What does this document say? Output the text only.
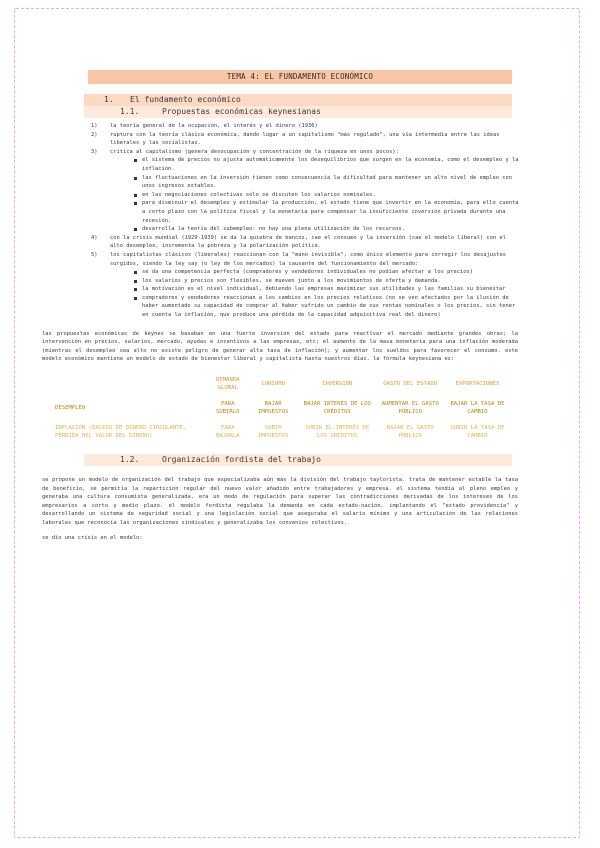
TEMA 4: EL FUNDAMENTO ECONÓMICO
1. El fundamento económico
1.1.	Propuestas económicas keynesianas
1) la teoría general de la ocupación, el interés y el dinero (1936)
2) ruptura con la teoría clásica económica, dando lugar a un capitalismo "más regulado", una vía intermedia entre las ideas liberales y las socialistas.
3) crítica al capitalismo (genera desocupación y concentración de la riqueza en unos pocos):
el sistema de precios no ajusta automáticamente los desequilibrios que surgen en la economía, como el desempleo y la inflación.
las fluctuaciones en la inversión tienen como consecuencia la dificultad para mantener un alto nivel de empleo con unos ingresos estables.
en las negociaciones colectivas sólo se discuten los salarios nominales.
para disminuir el desempleo y estimular la producción, el estado tiene que invertir en la economía, para ello cuenta a corto plazo con la política fiscal y la monetaria para compensar la insuficiente inversión privada durante una recesión.
desarrolla la teoría del subempleo: no hay una plena utilización de los recursos.
4) con la crisis mundial (1929-1939) se da la quiebra de bancos, cae el consumo y la inversión (cae el modelo liberal) con el alto desempleo, incrementa la pobreza y la polarización política.
5) los capitalistas clásicos (liberales) reaccionan con la "mano invisible", como único elemento para corregir los desajustes surgidos, siendo la ley say (o ley de los mercados) la causante del funcionamiento del mercado:
se da una competencia perfecta (compradores y vendedores individuales no podían afectar a los precios)
los salarios y precios son flexibles, se mueven junto a los movimientos de oferta y demanda.
la motivación es el nivel individual, debiendo las empresas maximizar sus utilidades y las familias su bienestar
compradores y vendedores reaccionan a los cambios en los precios relativos (no se ven afectados por la ilusión de haber aumentado su capacidad de comprar al haber sufrido un cambio de sus rentas nominales o los precios, sin tener en cuenta la inflación, que produce una pérdida de la capacidad adquisitiva real del dinero)

las propuestas económicas de keynes se basaban en una fuerte inversión del estado para reactivar el mercado mediante grandes obras; la intervención en precios, salarios, mercado, ayudas e incentivos a las empresas, etc; el aumento de la masa monetaria para una inflación moderada (mientras el desempleo sea alto no existe peligro de generar alta tasa de inflación); y aumentar los sueldos para favorecer el consumo. este modelo económico mantiene un modelo de estado de bienestar liberal y capitalista hasta nuestros días. la fórmula keynesiana es:

	DEMANDA GLOBAL	CONSUMO	INVERSIÓN	GASTO DEL ESTADO	EXPORTACIONES
DESEMPLEO	PARA SUBIRLO	BAJAR IMPUESTOS	BAJAR INTERÉS DE LOS CRÉDITOS	AUMENTAR EL GASTO PÚBLICO	BAJAR LA TASA DE CAMBIO
INFLACIÓN (EXCESO DE DINERO CIRCULANTE, PÉRDIDA DEL VALOR DEL DINERO)	PARA BAJARLA	SUBIR IMPUESTOS	SUBIR EL INTERÉS DE LOS CRÉDITOS	BAJAR EL GASTO PÚBLICO	SUBIR LA TASA DE CAMBIO
1.2.	Organización fordista del trabajo

se propone un modelo de organización del trabajo que especializaba aún más la división del trabajo taylorista. trata de mantener estable la tasa de beneficio, se permitía la repartición regular del nuevo valor añadido entre trabajadores y empresa. el sistema tendía al pleno empleo y generaba una cultura consumista generalizada. era un modo de regulación para superar las contradicciones derivadas de los intereses de los empresarios a corto y medio plazo. el modelo fordista regulaba la demanda en cada estado-nación, implantando el "estado providencia" y desarrollando un sistema de seguridad social y una legislación social que aseguraba el salario mínimo y una articulación de las relaciones laborales que reconocía las organizaciones sindicales y generalizaba los convenios colectivos.

se dio una crisis en el modelo:
